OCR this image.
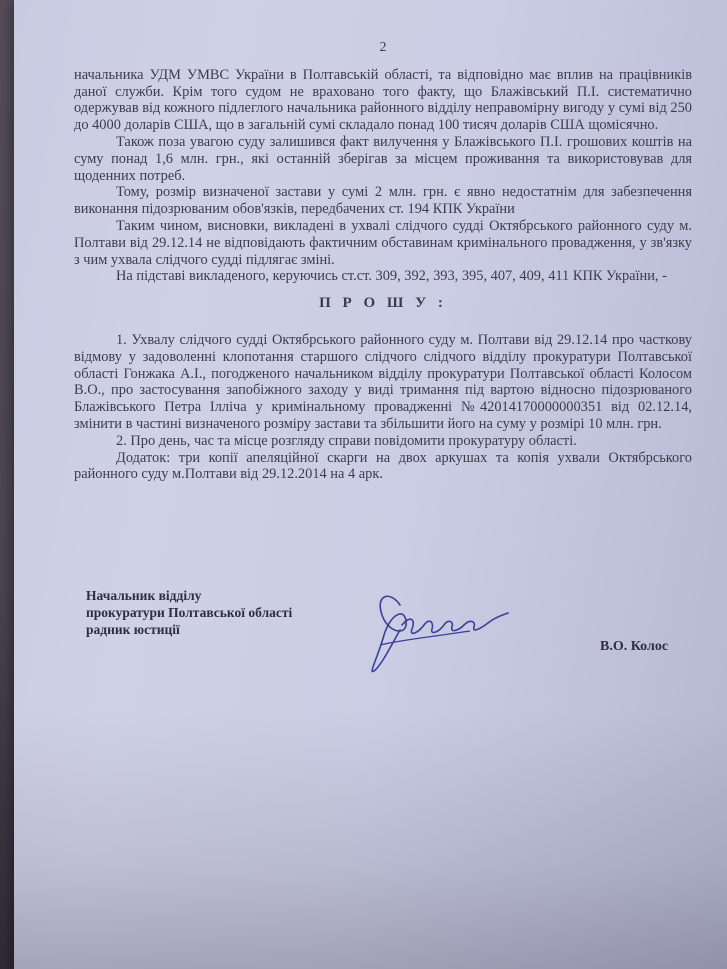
2

начальника УДМ УМВС України в Полтавській області, та відповідно має вплив на працівників даної служби. Крім того судом не враховано того факту, що Блажівський П.І. систематично одержував від кожного підлеглого начальника районного відділу неправомірну вигоду у сумі від 250 до 4000 доларів США, що в загальній сумі складало понад 100 тисяч доларів США щомісячно.

Також поза увагою суду залишився факт вилучення у Блажівського П.І. грошових коштів на суму понад 1,6 млн. грн., які останній зберігав за місцем проживання та використовував для щоденних потреб.

Тому, розмір визначеної застави у сумі 2 млн. грн. є явно недостатнім для забезпечення виконання підозрюваним обов'язків, передбачених ст. 194 КПК України

Таким чином, висновки, викладені в ухвалі слідчого судді Октябрського районного суду м. Полтави від 29.12.14 не відповідають фактичним обставинам кримінального провадження, у зв'язку з чим ухвала слідчого судді підлягає зміні.

На підставі викладеного, керуючись ст.ст. 309, 392, 393, 395, 407, 409, 411 КПК України, -

П Р О Ш У :

1. Ухвалу слідчого судді Октябрського районного суду м. Полтави від 29.12.14 про часткову відмову у задоволенні клопотання старшого слідчого слідчого відділу прокуратури Полтавської області Гонжака А.І., погодженого начальником відділу прокуратури Полтавської області Колосом В.О., про застосування запобіжного заходу у виді тримання під вартою відносно підозрюваного Блажівського Петра Ілліча у кримінальному провадженні №42014170000000351 від 02.12.14, змінити в частині визначеного розміру застави та збільшити його на суму у розмірі 10 млн. грн.

2. Про день, час та місце розгляду справи повідомити прокуратуру області.

Додаток: три копії апеляційної скарги на двох аркушах та копія ухвали Октябрського районного суду м.Полтави від 29.12.2014 на 4 арк.

Начальник відділу
прокуратури Полтавської області
радник юстиції
В.О. Колос
